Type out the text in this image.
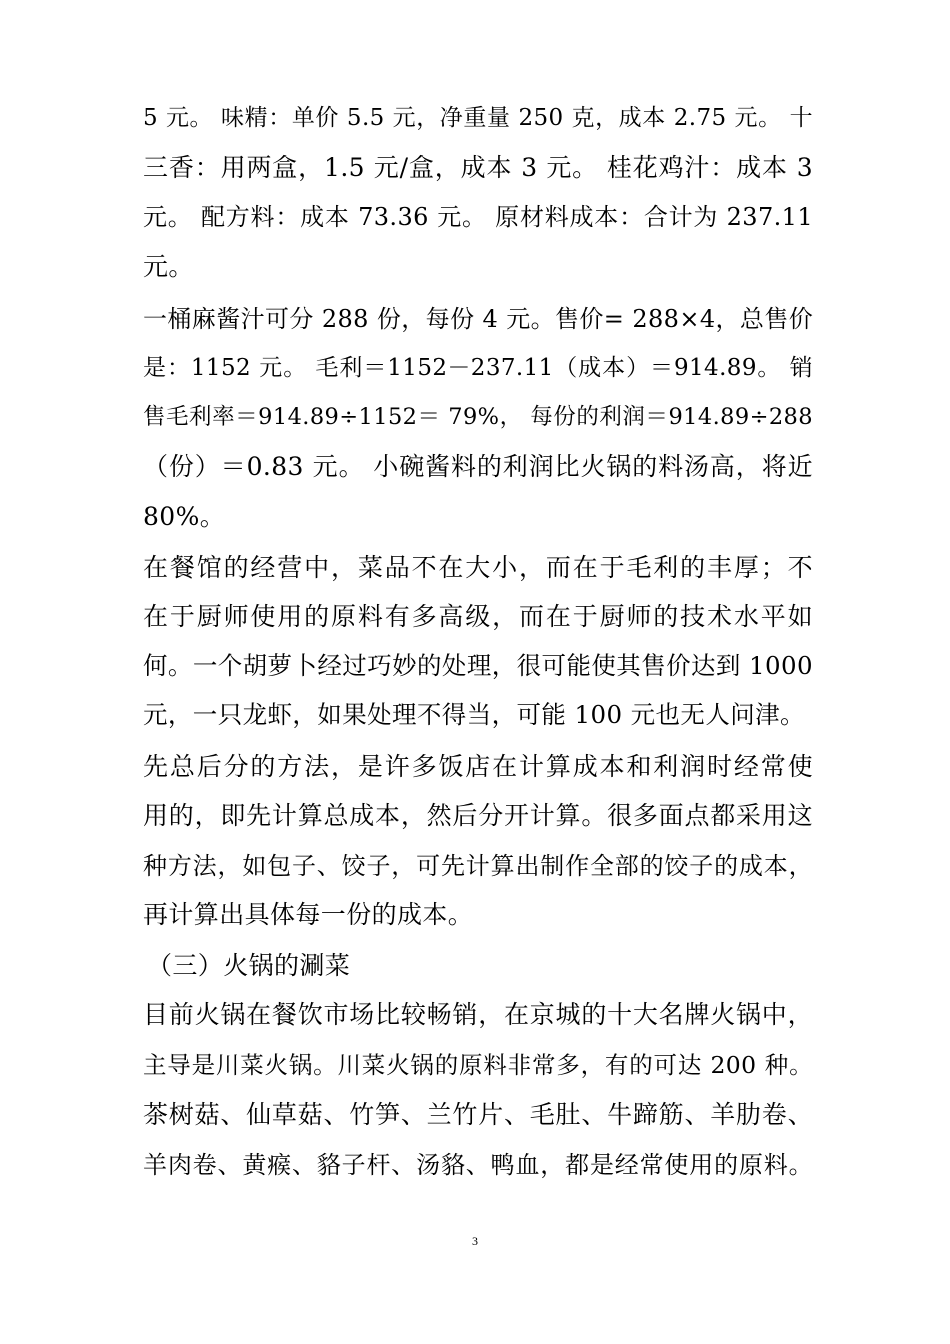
5 元。 味精：单价 5.5 元，净重量 250 克，成本 2.75 元。 十
三香：用两盒，1.5 元/盒，成本 3 元。 桂花鸡汁：成本 3
元。 配方料：成本 73.36 元。 原材料成本：合计为 237.11
元。
一桶麻酱汁可分 288 份，每份 4 元。售价= 288×4，总售价
是：1152 元。 毛利＝1152－237.11（成本）＝914.89。 销
售毛利率＝914.89÷1152＝ 79%， 每份的利润＝914.89÷288
（份）＝0.83 元。 小碗酱料的利润比火锅的料汤高，将近
80%。
在餐馆的经营中，菜品不在大小，而在于毛利的丰厚；不
在于厨师使用的原料有多高级，而在于厨师的技术水平如
何。一个胡萝卜经过巧妙的处理，很可能使其售价达到 1000
元，一只龙虾，如果处理不得当，可能 100 元也无人问津。
先总后分的方法，是许多饭店在计算成本和利润时经常使
用的，即先计算总成本，然后分开计算。很多面点都采用这
种方法，如包子、饺子，可先计算出制作全部的饺子的成本，
再计算出具体每一份的成本。
（三）火锅的涮菜
目前火锅在餐饮市场比较畅销，在京城的十大名牌火锅中，
主导是川菜火锅。川菜火锅的原料非常多，有的可达 200 种。
茶树菇、仙草菇、竹笋、兰竹片、毛肚、牛蹄筋、羊肋卷、
羊肉卷、黄瘊、貉子杆、汤貉、鸭血，都是经常使用的原料。
3
